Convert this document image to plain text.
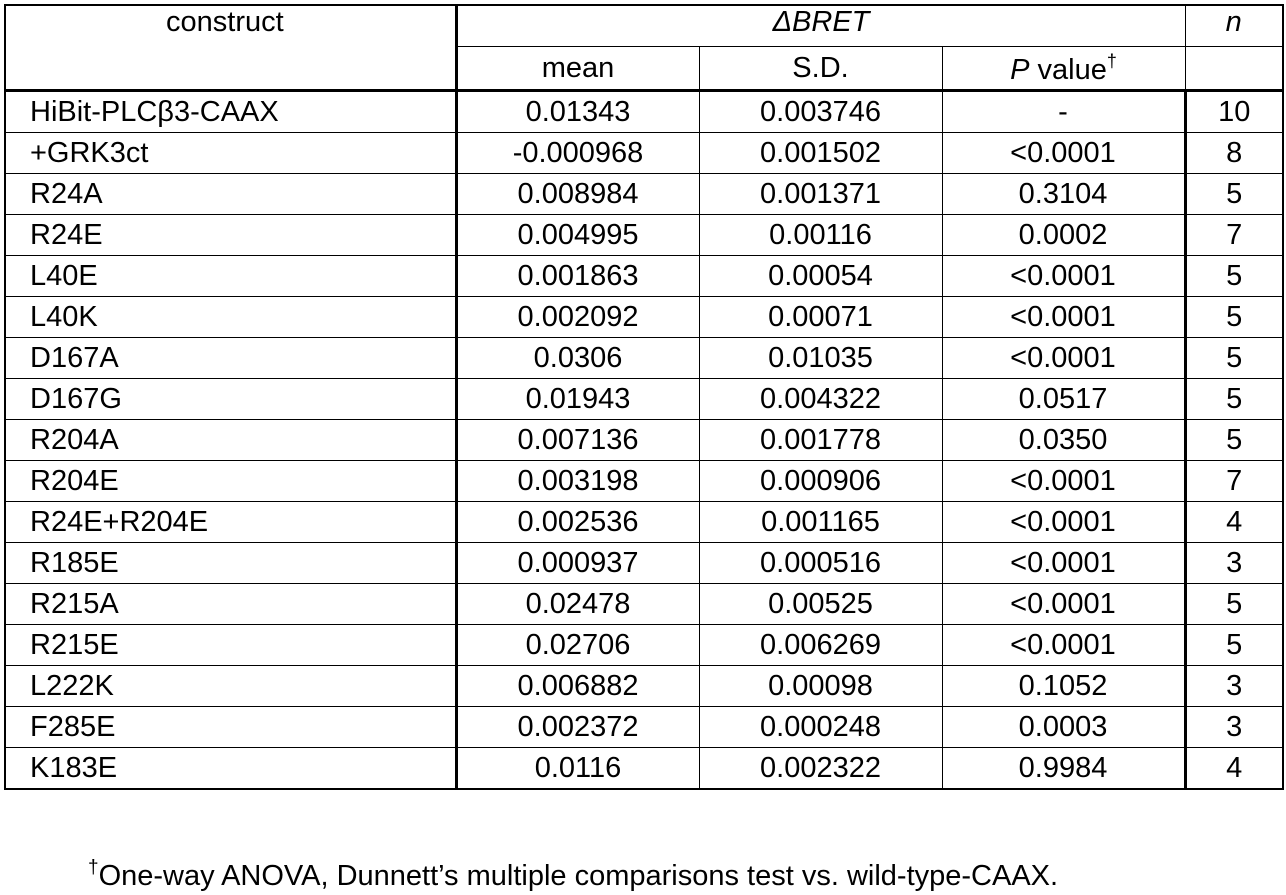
construct	ΔBRET			n
	mean	S.D.	P value†	
HiBit-PLCβ3-CAAX	0.01343	0.003746	-	10
+GRK3ct	-0.000968	0.001502	<0.0001	8
R24A	0.008984	0.001371	0.3104	5
R24E	0.004995	0.00116	0.0002	7
L40E	0.001863	0.00054	<0.0001	5
L40K	0.002092	0.00071	<0.0001	5
D167A	0.0306	0.01035	<0.0001	5
D167G	0.01943	0.004322	0.0517	5
R204A	0.007136	0.001778	0.0350	5
R204E	0.003198	0.000906	<0.0001	7
R24E+R204E	0.002536	0.001165	<0.0001	4
R185E	0.000937	0.000516	<0.0001	3
R215A	0.02478	0.00525	<0.0001	5
R215E	0.02706	0.006269	<0.0001	5
L222K	0.006882	0.00098	0.1052	3
F285E	0.002372	0.000248	0.0003	3
K183E	0.0116	0.002322	0.9984	4
†One-way ANOVA, Dunnett’s multiple comparisons test vs. wild-type-CAAX.
